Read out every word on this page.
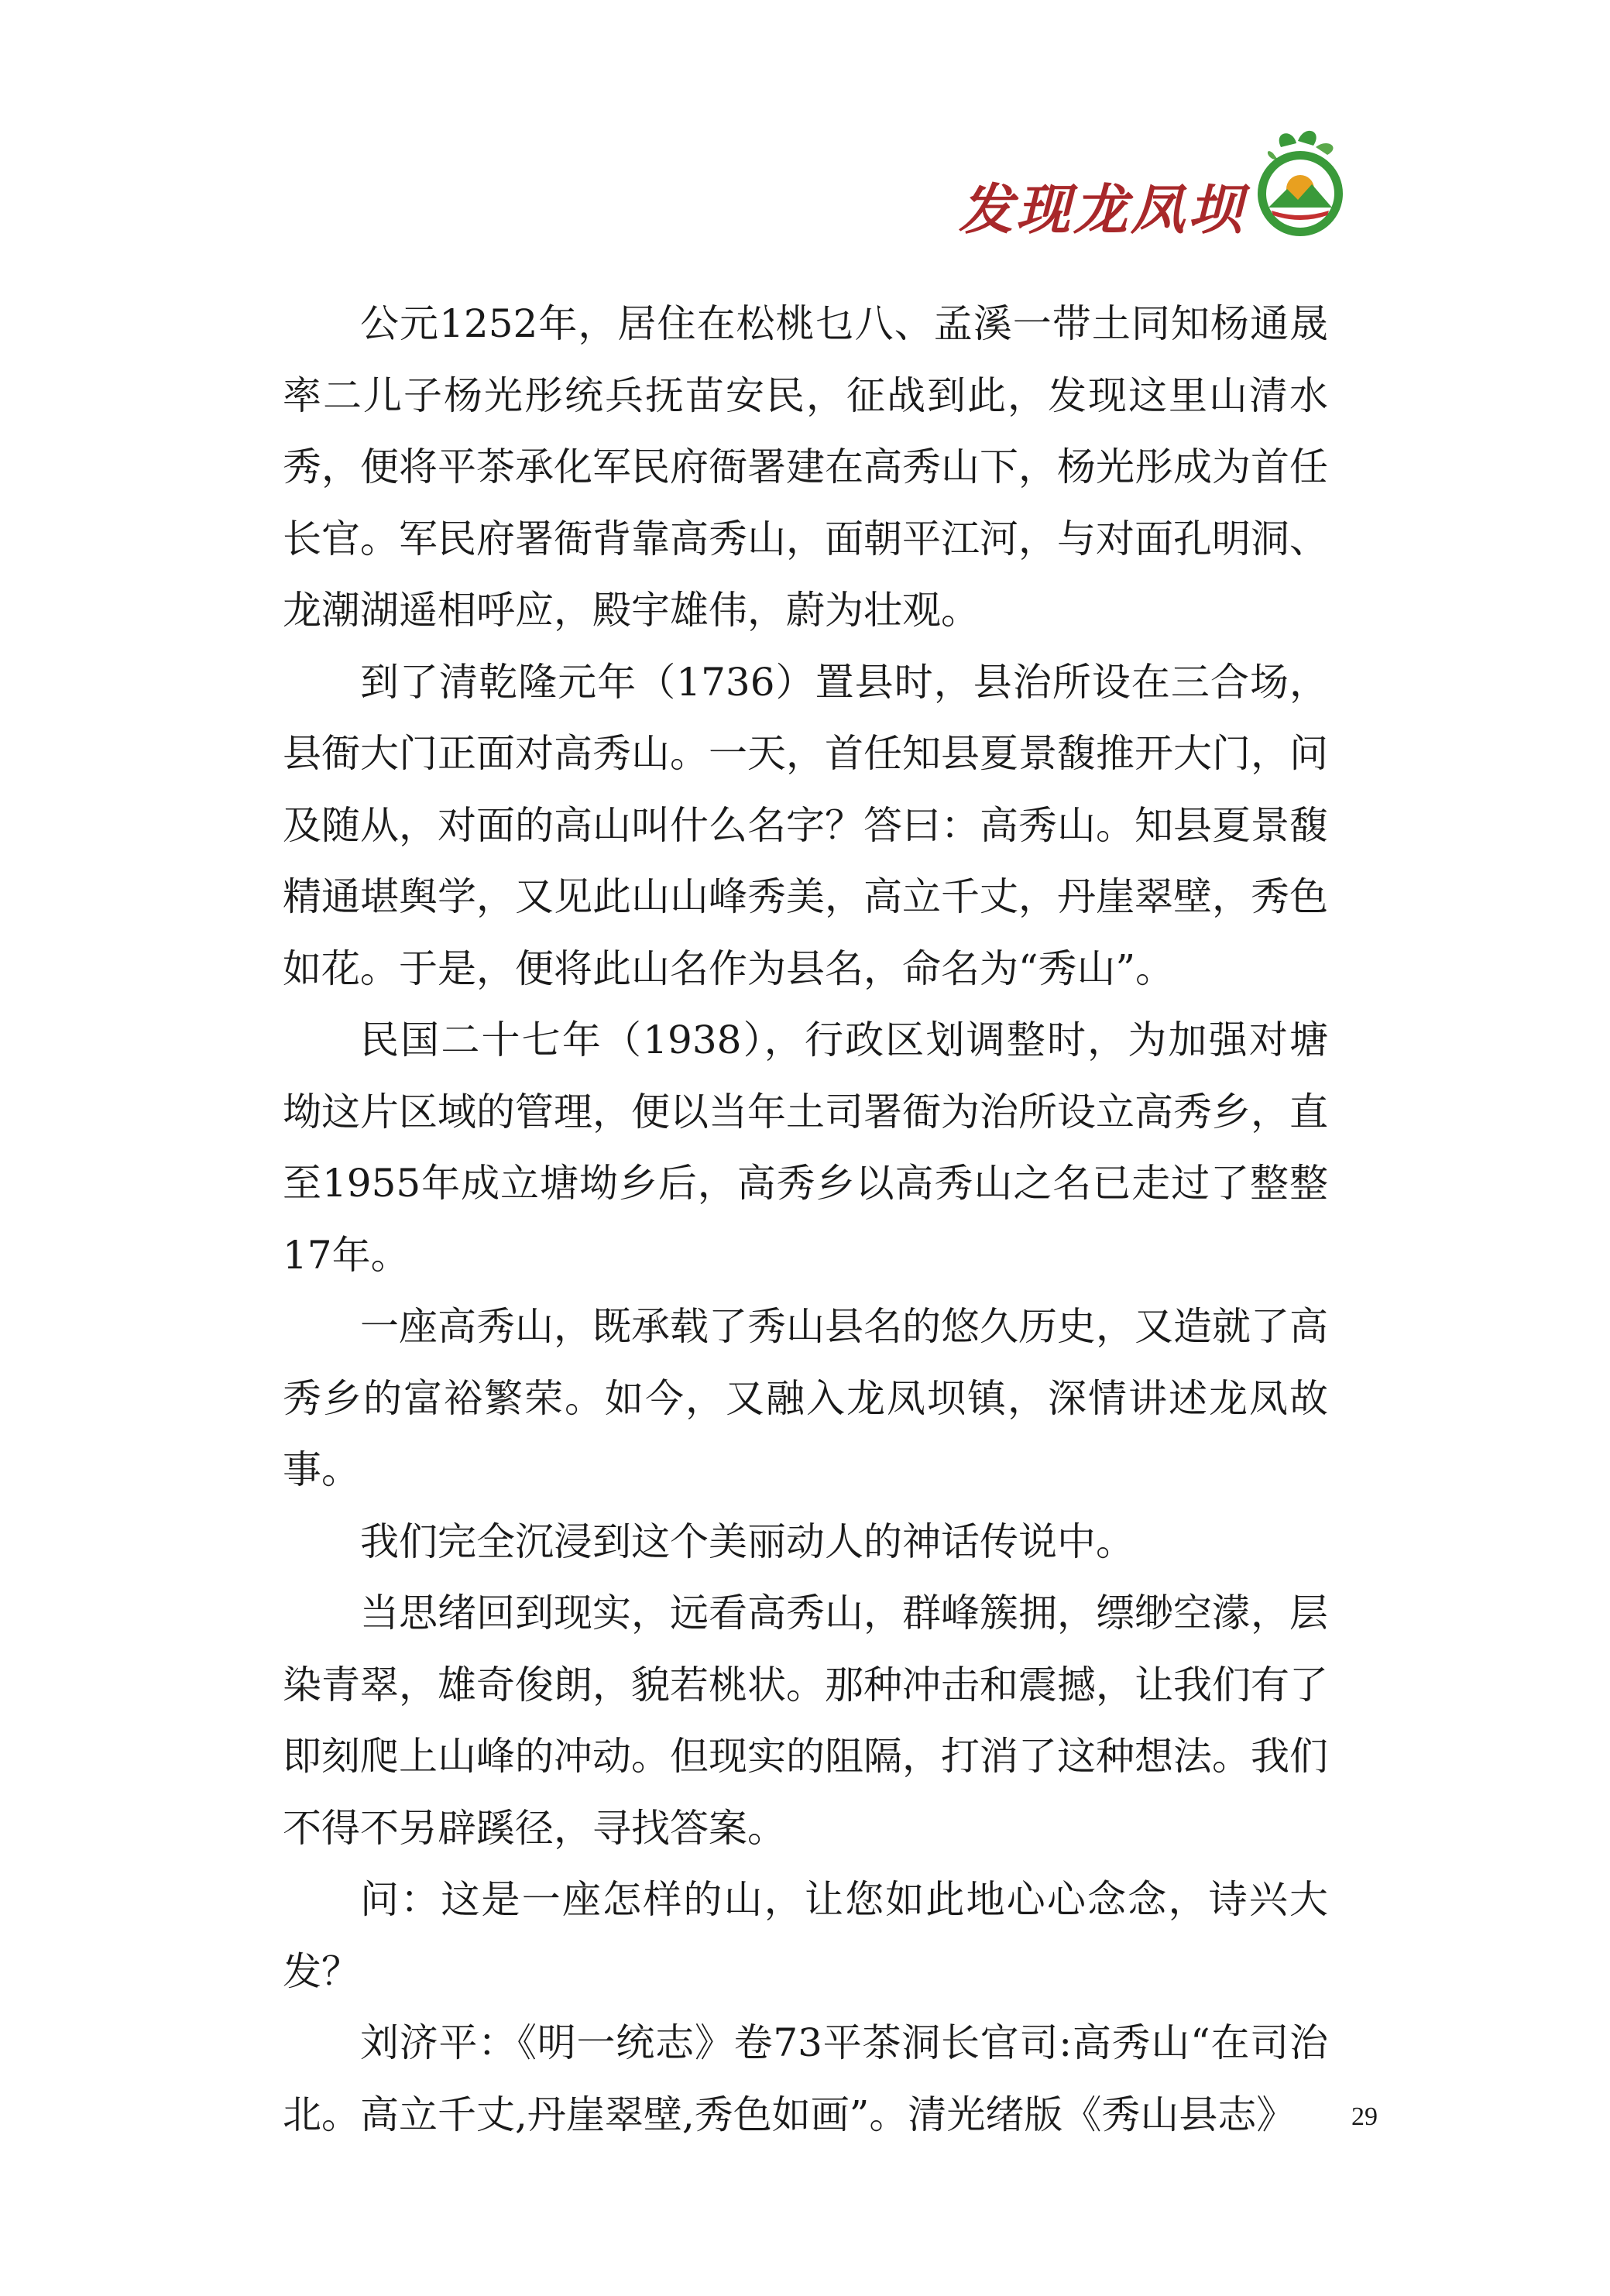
发现龙凤坝

公元1252年，居住在松桃乜八、孟溪一带土同知杨通晟率二儿子杨光彤统兵抚苗安民，征战到此，发现这里山清水秀，便将平茶承化军民府衙署建在高秀山下，杨光彤成为首任长官。军民府署衙背靠高秀山，面朝平江河，与对面孔明洞、龙潮湖遥相呼应，殿宇雄伟，蔚为壮观。

到了清乾隆元年（1736）置县时，县治所设在三合场，县衙大门正面对高秀山。一天，首任知县夏景馥推开大门，问及随从，对面的高山叫什么名字？答曰：高秀山。知县夏景馥精通堪舆学，又见此山山峰秀美，高立千丈，丹崖翠壁，秀色如花。于是，便将此山名作为县名，命名为“秀山”。

民国二十七年（1938），行政区划调整时，为加强对塘坳这片区域的管理，便以当年土司署衙为治所设立高秀乡，直至1955年成立塘坳乡后，高秀乡以高秀山之名已走过了整整17年。

一座高秀山，既承载了秀山县名的悠久历史，又造就了高秀乡的富裕繁荣。如今，又融入龙凤坝镇，深情讲述龙凤故事。

我们完全沉浸到这个美丽动人的神话传说中。

当思绪回到现实，远看高秀山，群峰簇拥，缥缈空濛，层染青翠，雄奇俊朗，貌若桃状。那种冲击和震撼，让我们有了即刻爬上山峰的冲动。但现实的阻隔，打消了这种想法。我们不得不另辟蹊径，寻找答案。

问：这是一座怎样的山，让您如此地心心念念，诗兴大发？

刘济平：《明一统志》卷73平茶洞长官司:高秀山“在司治北。高立千丈,丹崖翠壁,秀色如画”。清光绪版《秀山县志》	29
